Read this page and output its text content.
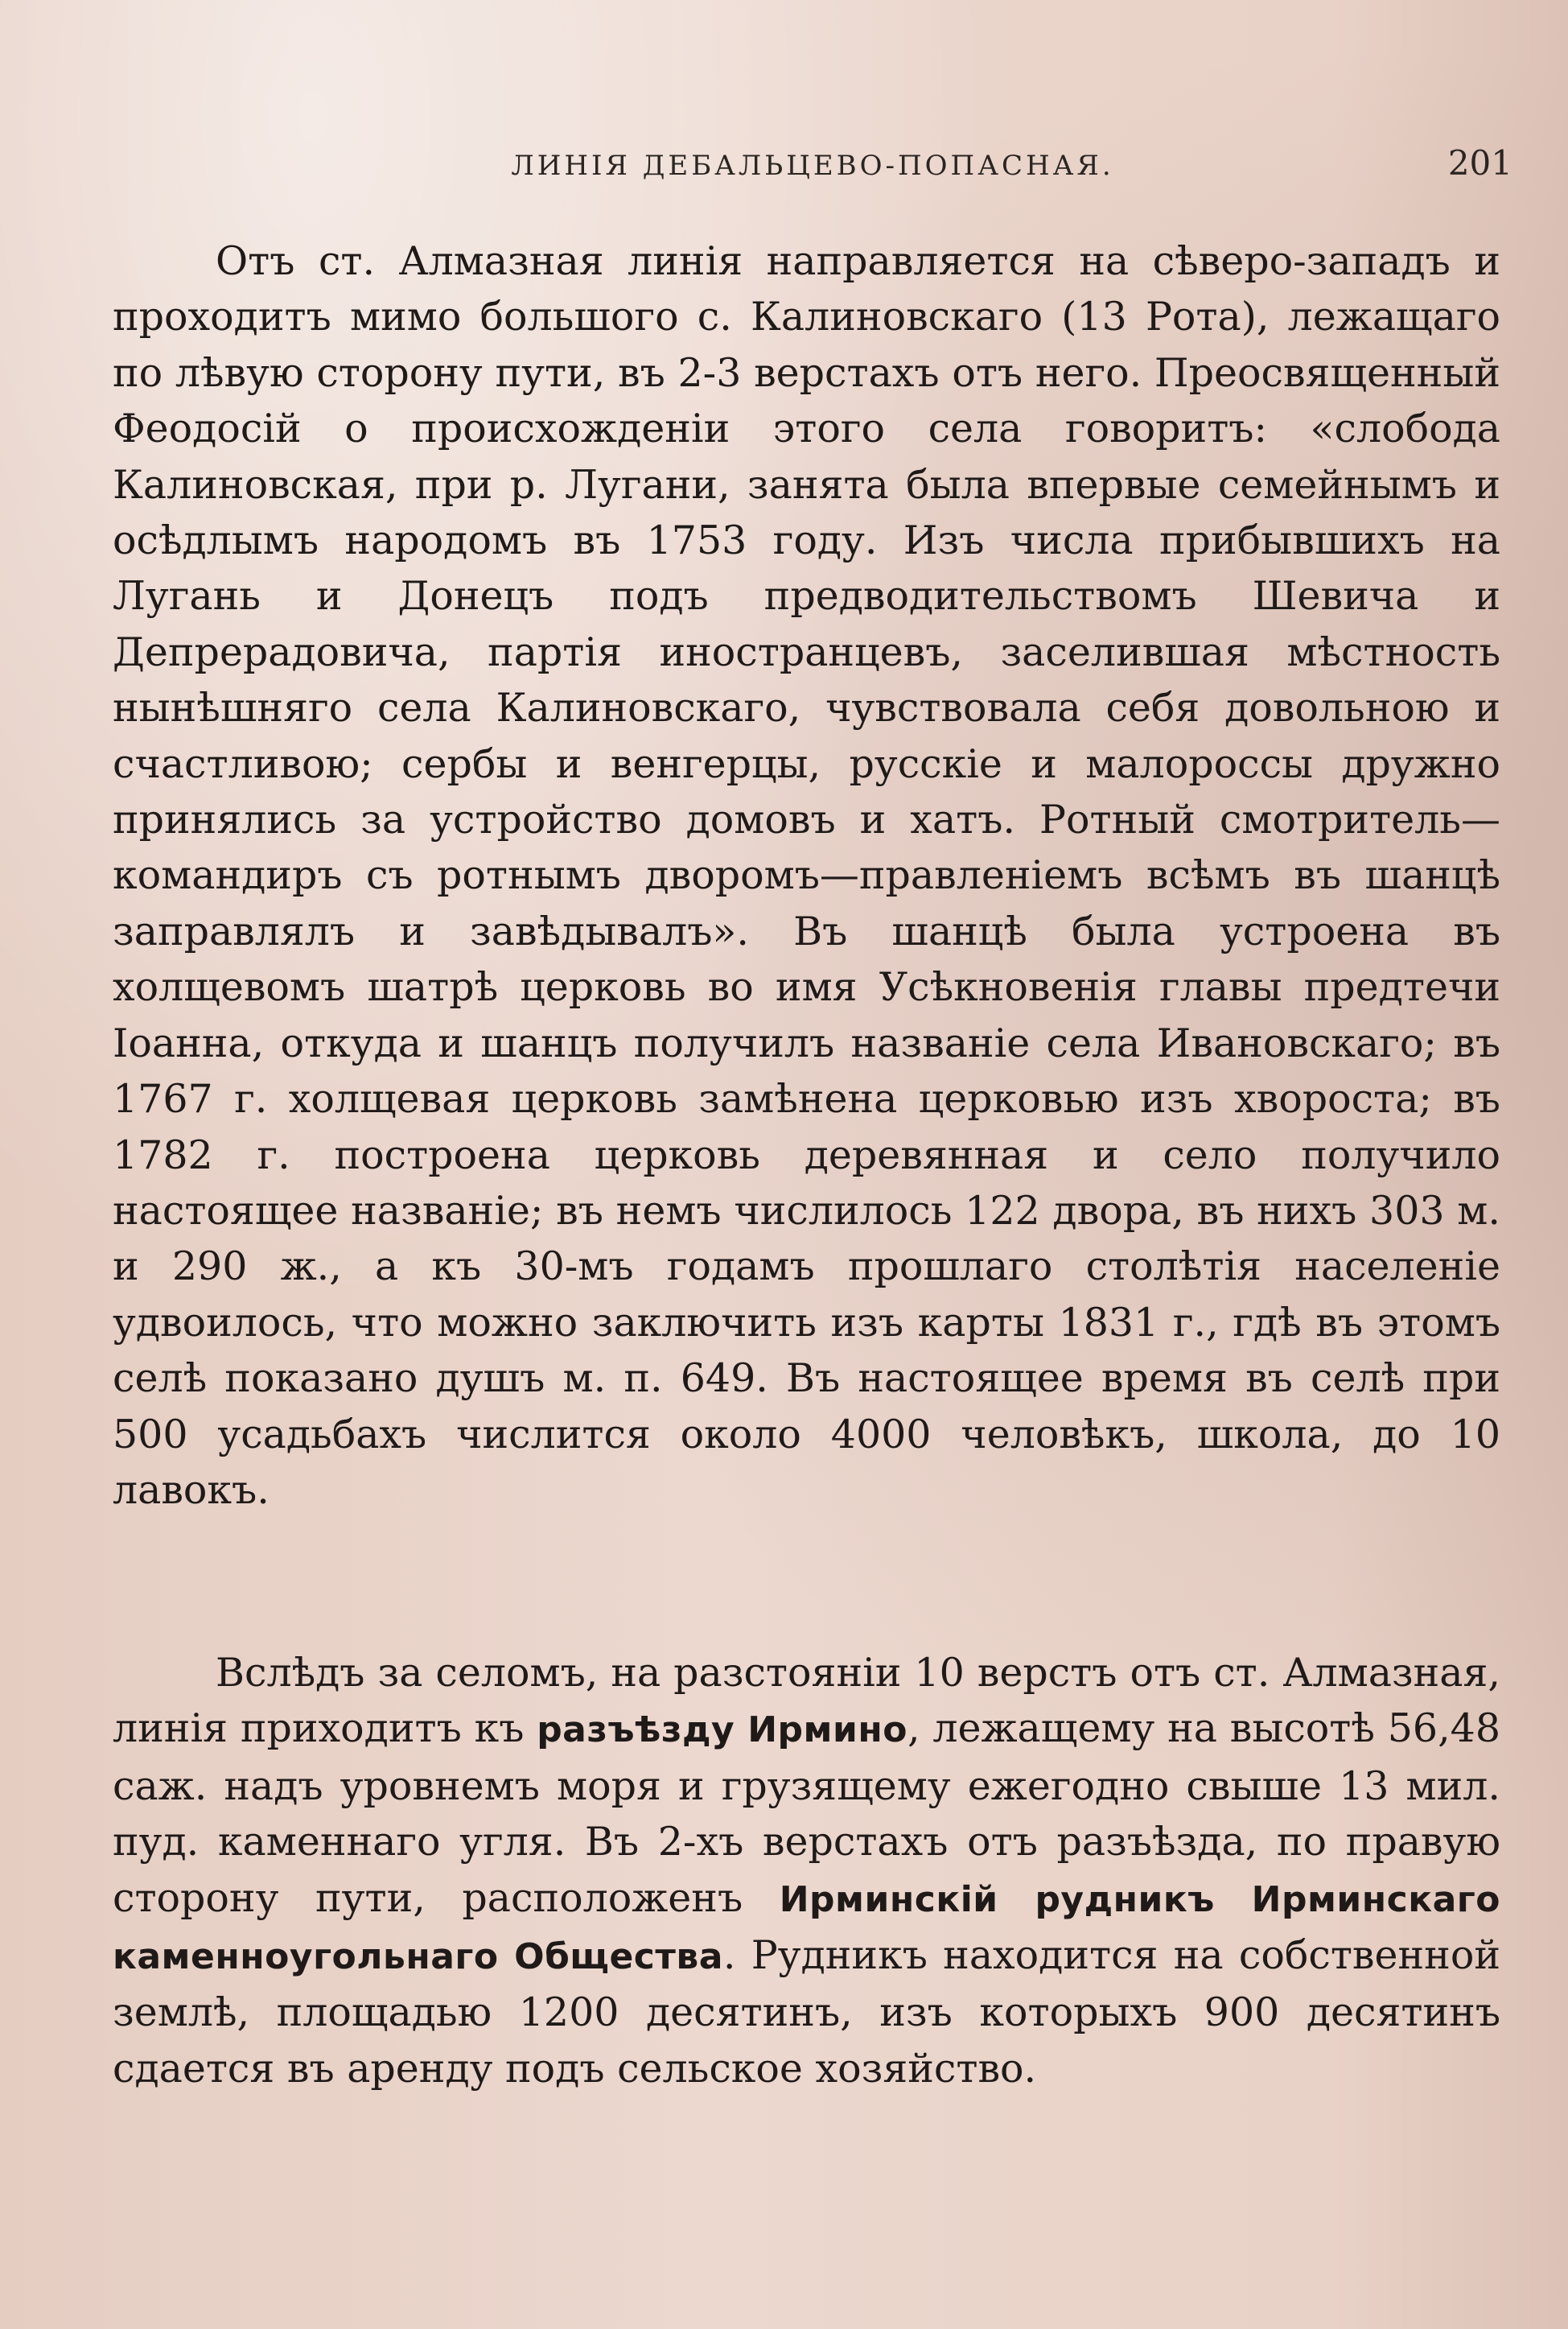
ЛИНІЯ ДЕБАЛЬЦЕВО-ПОПАСНАЯ.	201
Отъ ст. Алмазная линія направляется на сѣверо-западъ и проходитъ мимо большого с. Калиновскаго (13 Рота), лежащаго по лѣвую сторону пути, въ 2-3 верстахъ отъ него. Преосвященный Феодосій о происхожденіи этого села говоритъ: «слобода Калиновская, при р. Лугани, занята была впервые семейнымъ и осѣдлымъ народомъ въ 1753 году. Изъ числа прибывшихъ на Лугань и Донецъ подъ предводительствомъ Шевича и Депрерадовича, партія иностранцевъ, заселившая мѣстность нынѣшняго села Калиновскаго, чувствовала себя довольною и счастливою; сербы и венгерцы, русскіе и малороссы дружно принялись за устройство домовъ и хатъ. Ротный смотритель—командиръ съ ротнымъ дворомъ—правленіемъ всѣмъ въ шанцѣ заправлялъ и завѣдывалъ». Въ шанцѣ была устроена въ холщевомъ шатрѣ церковь во имя Усѣкновенія главы предтечи Іоанна, откуда и шанцъ получилъ названіе села Ивановскаго; въ 1767 г. холщевая церковь замѣнена церковью изъ хвороста; въ 1782 г. построена церковь деревянная и село получило настоящее названіе; въ немъ числилось 122 двора, въ нихъ 303 м. и 290 ж., а къ 30-мъ годамъ прошлаго столѣтія населеніе удвоилось, что можно заключить изъ карты 1831 г., гдѣ въ этомъ селѣ показано душъ м. п. 649. Въ настоящее время въ селѣ при 500 усадьбахъ числится около 4000 человѣкъ, школа, до 10 лавокъ.
Вслѣдъ за селомъ, на разстояніи 10 верстъ отъ ст. Алмазная, линія приходитъ къ разъѣзду Ирмино, лежащему на высотѣ 56,48 саж. надъ уровнемъ моря и грузящему ежегодно свыше 13 мил. пуд. каменнаго угля. Въ 2-хъ верстахъ отъ разъѣзда, по правую сторону пути, расположенъ Ирминскій рудникъ Ирминскаго каменноугольнаго Общества. Рудникъ находится на собственной землѣ, площадью 1200 десятинъ, изъ которыхъ 900 десятинъ сдается въ аренду подъ сельское хозяйство.
